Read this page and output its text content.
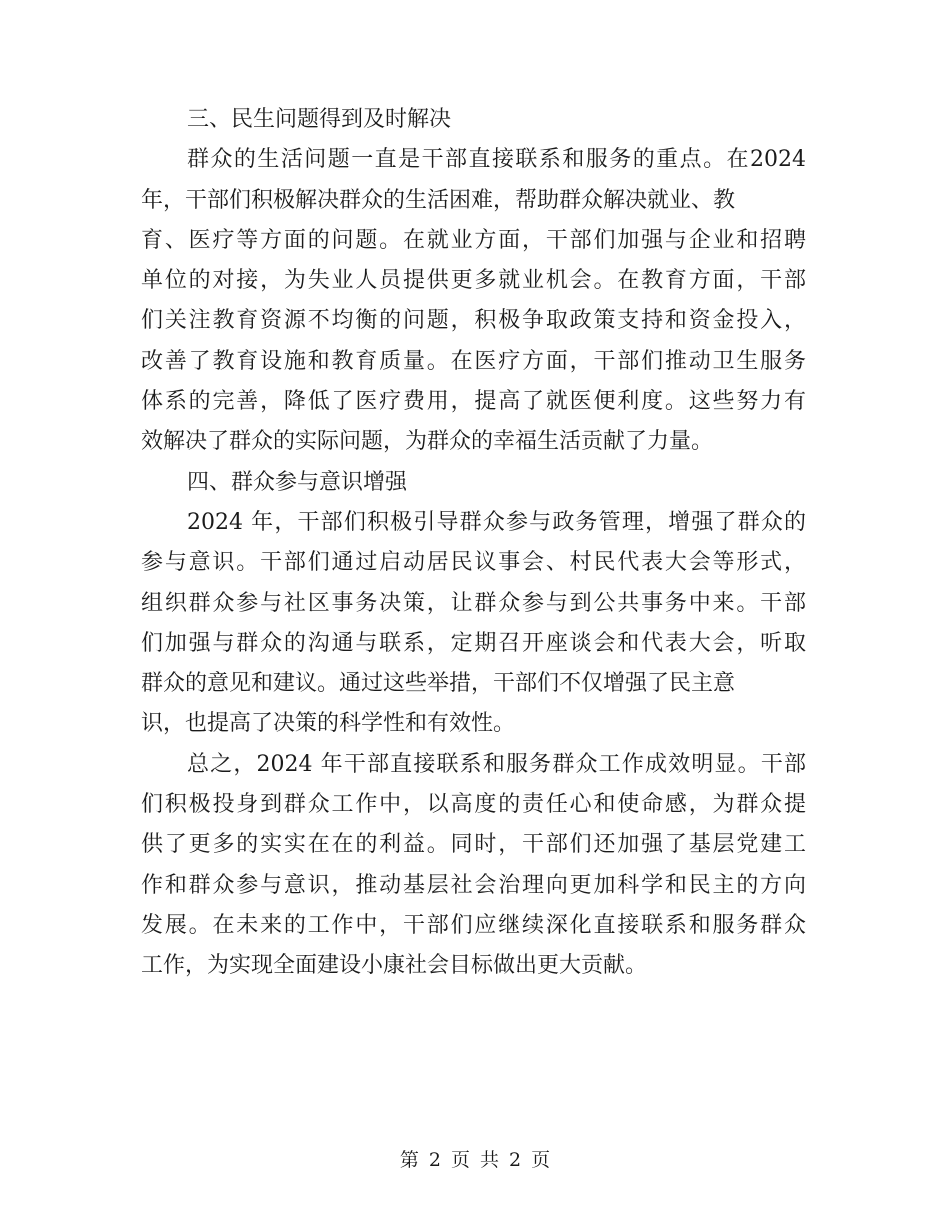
三、民生问题得到及时解决
群众的生活问题一直是干部直接联系和服务的重点。在2024
年，干部们积极解决群众的生活困难，帮助群众解决就业、教
育、医疗等方面的问题。在就业方面，干部们加强与企业和招聘
单位的对接，为失业人员提供更多就业机会。在教育方面，干部
们关注教育资源不均衡的问题，积极争取政策支持和资金投入，
改善了教育设施和教育质量。在医疗方面，干部们推动卫生服务
体系的完善，降低了医疗费用，提高了就医便利度。这些努力有
效解决了群众的实际问题，为群众的幸福生活贡献了力量。
四、群众参与意识增强
2024 年，干部们积极引导群众参与政务管理，增强了群众的
参与意识。干部们通过启动居民议事会、村民代表大会等形式，
组织群众参与社区事务决策，让群众参与到公共事务中来。干部
们加强与群众的沟通与联系，定期召开座谈会和代表大会，听取
群众的意见和建议。通过这些举措，干部们不仅增强了民主意
识，也提高了决策的科学性和有效性。
总之，2024 年干部直接联系和服务群众工作成效明显。干部
们积极投身到群众工作中，以高度的责任心和使命感，为群众提
供了更多的实实在在的利益。同时，干部们还加强了基层党建工
作和群众参与意识，推动基层社会治理向更加科学和民主的方向
发展。在未来的工作中，干部们应继续深化直接联系和服务群众
工作，为实现全面建设小康社会目标做出更大贡献。
第 2 页 共 2 页
